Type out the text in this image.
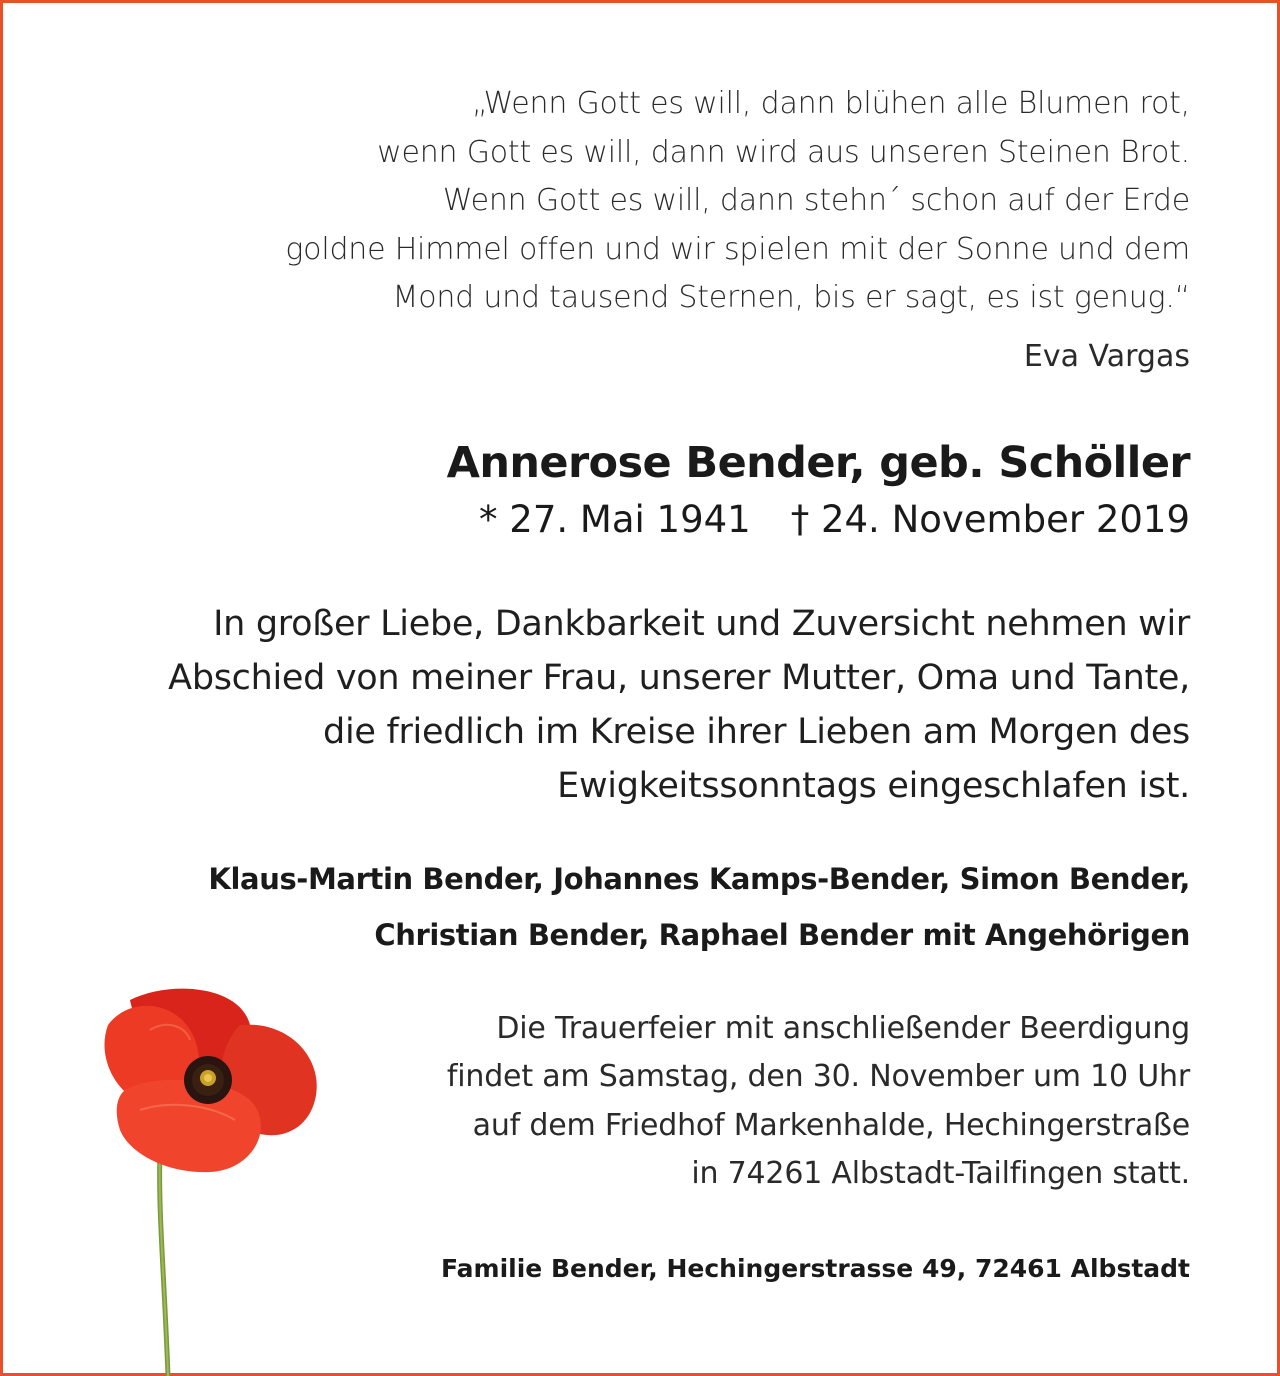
„Wenn Gott es will, dann blühen alle Blumen rot,
wenn Gott es will, dann wird aus unseren Steinen Brot.
Wenn Gott es will, dann stehn´ schon auf der Erde
goldne Himmel offen und wir spielen mit der Sonne und dem
Mond und tausend Sternen, bis er sagt, es ist genug.“
Eva Vargas
Annerose Bender, geb. Schöller
* 27. Mai 1941 † 24. November 2019
In großer Liebe, Dankbarkeit und Zuversicht nehmen wir
Abschied von meiner Frau, unserer Mutter, Oma und Tante,
die friedlich im Kreise ihrer Lieben am Morgen des
Ewigkeitssonntags eingeschlafen ist.
Klaus-Martin Bender, Johannes Kamps-Bender, Simon Bender,
Christian Bender, Raphael Bender mit Angehörigen
Die Trauerfeier mit anschließender Beerdigung
findet am Samstag, den 30. November um 10 Uhr
auf dem Friedhof Markenhalde, Hechingerstraße
in 74261 Albstadt-Tailfingen statt.
Familie Bender, Hechingerstrasse 49, 72461 Albstadt
